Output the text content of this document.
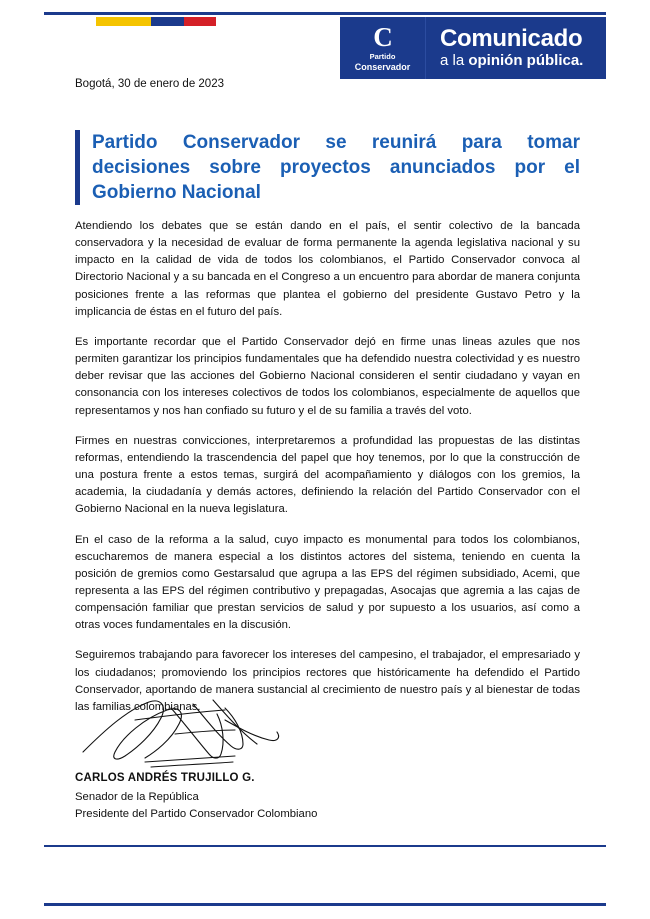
C
Partido
Conservador
Comunicado
a la opinión pública.
Bogotá, 30 de enero de 2023
Partido Conservador se reunirá para tomar decisiones sobre proyectos anunciados por el Gobierno Nacional

Atendiendo los debates que se están dando en el país, el sentir colectivo de la bancada conservadora y la necesidad de evaluar de forma permanente la agenda legislativa nacional y su impacto en la calidad de vida de todos los colombianos, el Partido Conservador convoca al Directorio Nacional y a su bancada en el Congreso a un encuentro para abordar de manera conjunta posiciones frente a las reformas que plantea el gobierno del presidente Gustavo Petro y la implicancia de éstas en el futuro del país.

Es importante recordar que el Partido Conservador dejó en firme unas lineas azules que nos permiten garantizar los principios fundamentales que ha defendido nuestra colectividad y es nuestro deber revisar que las acciones del Gobierno Nacional consideren el sentir ciudadano y vayan en consonancia con los intereses colectivos de todos los colombianos, especialmente de aquellos que representamos y nos han confiado su futuro y el de su familia a través del voto.

Firmes en nuestras convicciones, interpretaremos a profundidad las propuestas de las distintas reformas, entendiendo la trascendencia del papel que hoy tenemos, por lo que la construcción de una postura frente a estos temas, surgirá del acompañamiento y diálogos con los gremios, la academia, la ciudadanía y demás actores, definiendo la relación del Partido Conservador con el Gobierno Nacional en la nueva legislatura.

En el caso de la reforma a la salud, cuyo impacto es monumental para todos los colombianos, escucharemos de manera especial a los distintos actores del sistema, teniendo en cuenta la posición de gremios como Gestarsalud que agrupa a las EPS del régimen subsidiado, Acemi, que representa a las EPS del régimen contributivo y prepagadas, Asocajas que agremia a las cajas de compensación familiar que prestan servicios de salud y por supuesto a los usuarios, así como a otras voces fundamentales en la discusión.

Seguiremos trabajando para favorecer los intereses del campesino, el trabajador, el empresariado y los ciudadanos; promoviendo los principios rectores que históricamente ha defendido el Partido Conservador, aportando de manera sustancial al crecimiento de nuestro país y al bienestar de todas las familias colombianas.

CARLOS ANDRÉS TRUJILLO G.
Senador de la República
Presidente del Partido Conservador Colombiano
